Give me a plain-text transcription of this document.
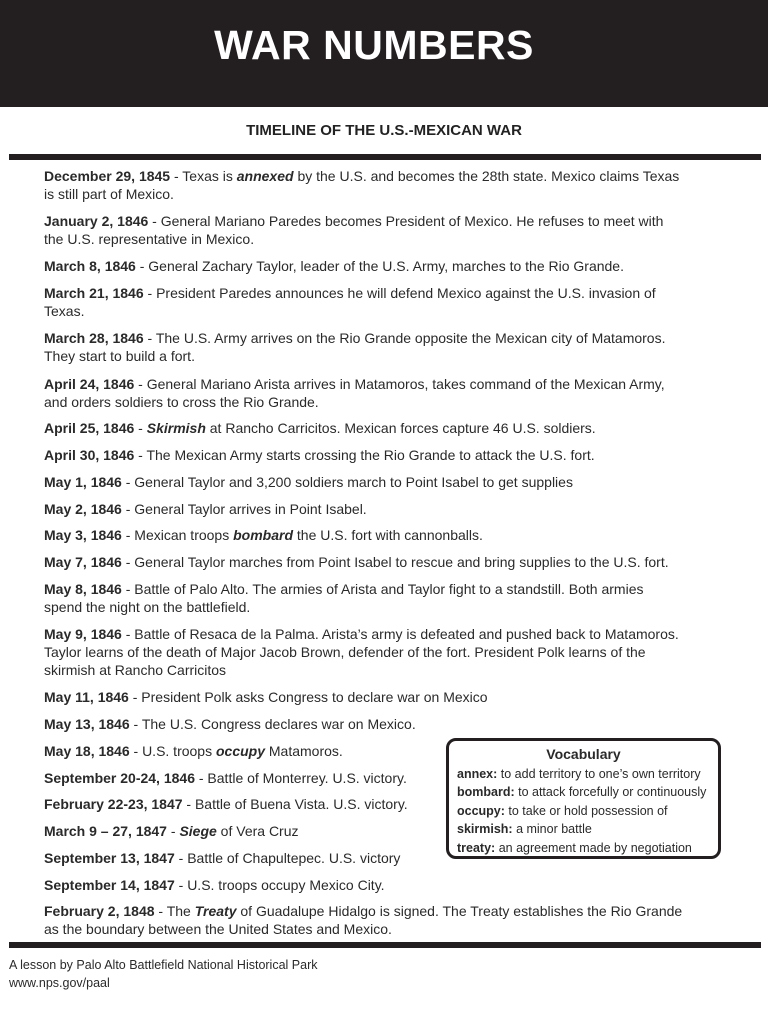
WAR NUMBERS
TIMELINE OF THE U.S.-MEXICAN WAR
December 29, 1845 - Texas is annexed by the U.S. and becomes the 28th state. Mexico claims Texas
is still part of Mexico.
January 2, 1846 - General Mariano Paredes becomes President of Mexico. He refuses to meet with
the U.S. representative in Mexico.
March 8, 1846 - General Zachary Taylor, leader of the U.S. Army, marches to the Rio Grande.
March 21, 1846 - President Paredes announces he will defend Mexico against the U.S. invasion of
Texas.
March 28, 1846 - The U.S. Army arrives on the Rio Grande opposite the Mexican city of Matamoros.
They start to build a fort.
April 24, 1846 - General Mariano Arista arrives in Matamoros, takes command of the Mexican Army,
and orders soldiers to cross the Rio Grande.
April 25, 1846 - Skirmish at Rancho Carricitos. Mexican forces capture 46 U.S. soldiers.
April 30, 1846 - The Mexican Army starts crossing the Rio Grande to attack the U.S. fort.
May 1, 1846 - General Taylor and 3,200 soldiers march to Point Isabel to get supplies
May 2, 1846 - General Taylor arrives in Point Isabel.
May 3, 1846 - Mexican troops bombard the U.S. fort with cannonballs.
May 7, 1846 - General Taylor marches from Point Isabel to rescue and bring supplies to the U.S. fort.
May 8, 1846 - Battle of Palo Alto. The armies of Arista and Taylor fight to a standstill. Both armies
spend the night on the battlefield.
May 9, 1846 - Battle of Resaca de la Palma. Arista’s army is defeated and pushed back to Matamoros.
Taylor learns of the death of Major Jacob Brown, defender of the fort. President Polk learns of the
skirmish at Rancho Carricitos
May 11, 1846 - President Polk asks Congress to declare war on Mexico
May 13, 1846 - The U.S. Congress declares war on Mexico.
May 18, 1846 - U.S. troops occupy Matamoros.
September 20-24, 1846 - Battle of Monterrey. U.S. victory.
February 22-23, 1847 - Battle of Buena Vista. U.S. victory.
March 9 – 27, 1847 - Siege of Vera Cruz
September 13, 1847 - Battle of Chapultepec. U.S. victory
September 14, 1847 - U.S. troops occupy Mexico City.
February 2, 1848 - The Treaty of Guadalupe Hidalgo is signed. The Treaty establishes the Rio Grande
as the boundary between the United States and Mexico.
Vocabulary
annex: to add territory to one’s own territory
bombard: to attack forcefully or continuously
occupy: to take or hold possession of
skirmish: a minor battle
treaty: an agreement made by negotiation
A lesson by Palo Alto Battlefield National Historical Park
www.nps.gov/paal
